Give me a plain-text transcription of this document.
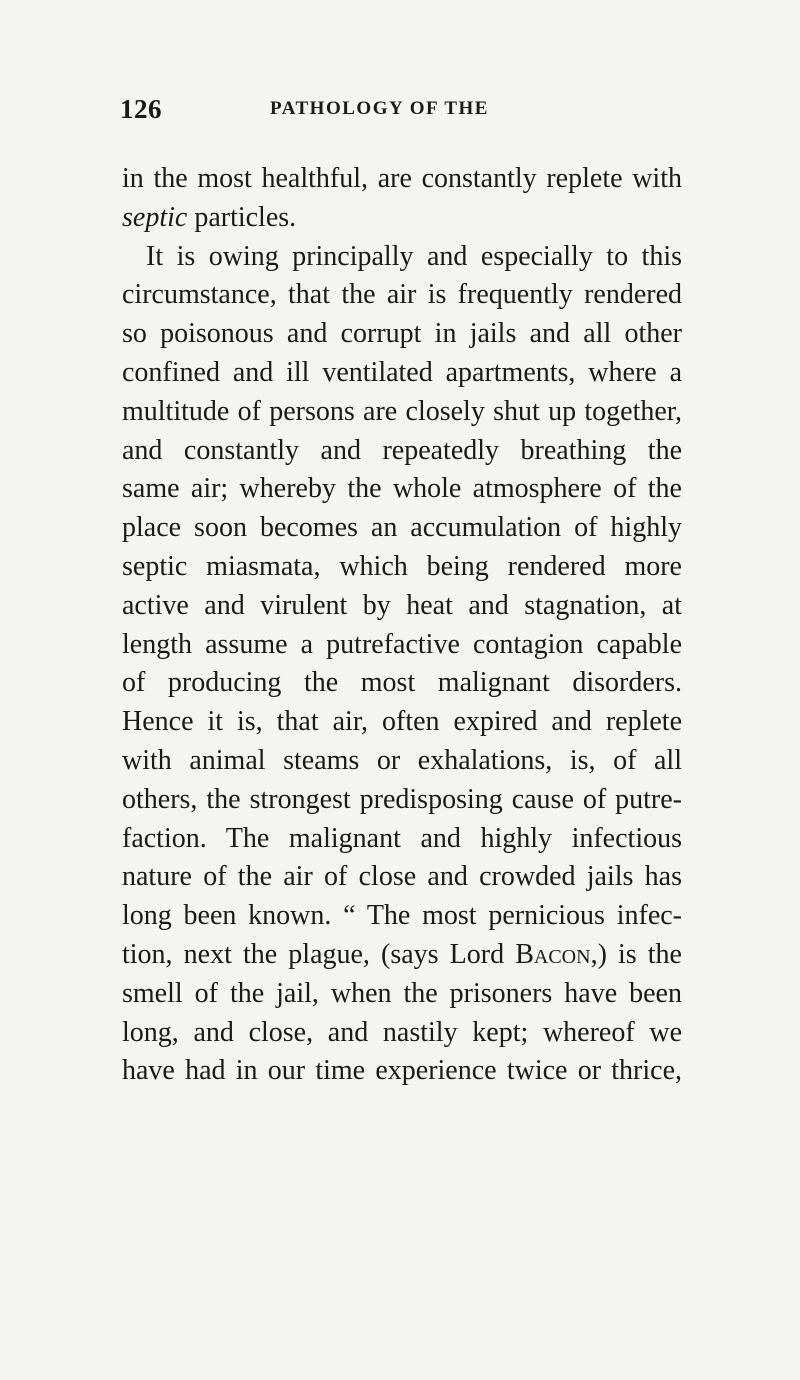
126	PATHOLOGY OF THE
in the most healthful, are constantly replete with
septic particles.
It is owing principally and especially to this
circumstance, that the air is frequently rendered
so poisonous and corrupt in jails and all other
confined and ill ventilated apartments, where a
multitude of persons are closely shut up together,
and constantly and repeatedly breathing the
same air; whereby the whole atmosphere of the
place soon becomes an accumulation of highly
septic miasmata, which being rendered more
active and virulent by heat and stagnation, at
length assume a putrefactive contagion capable
of producing the most malignant disorders.
Hence it is, that air, often expired and replete
with animal steams or exhalations, is, of all
others, the strongest predisposing cause of putre-
faction. The malignant and highly infectious
nature of the air of close and crowded jails has
long been known. “ The most pernicious infec-
tion, next the plague, (says Lord Bacon,) is the
smell of the jail, when the prisoners have been
long, and close, and nastily kept; whereof we
have had in our time experience twice or thrice,
